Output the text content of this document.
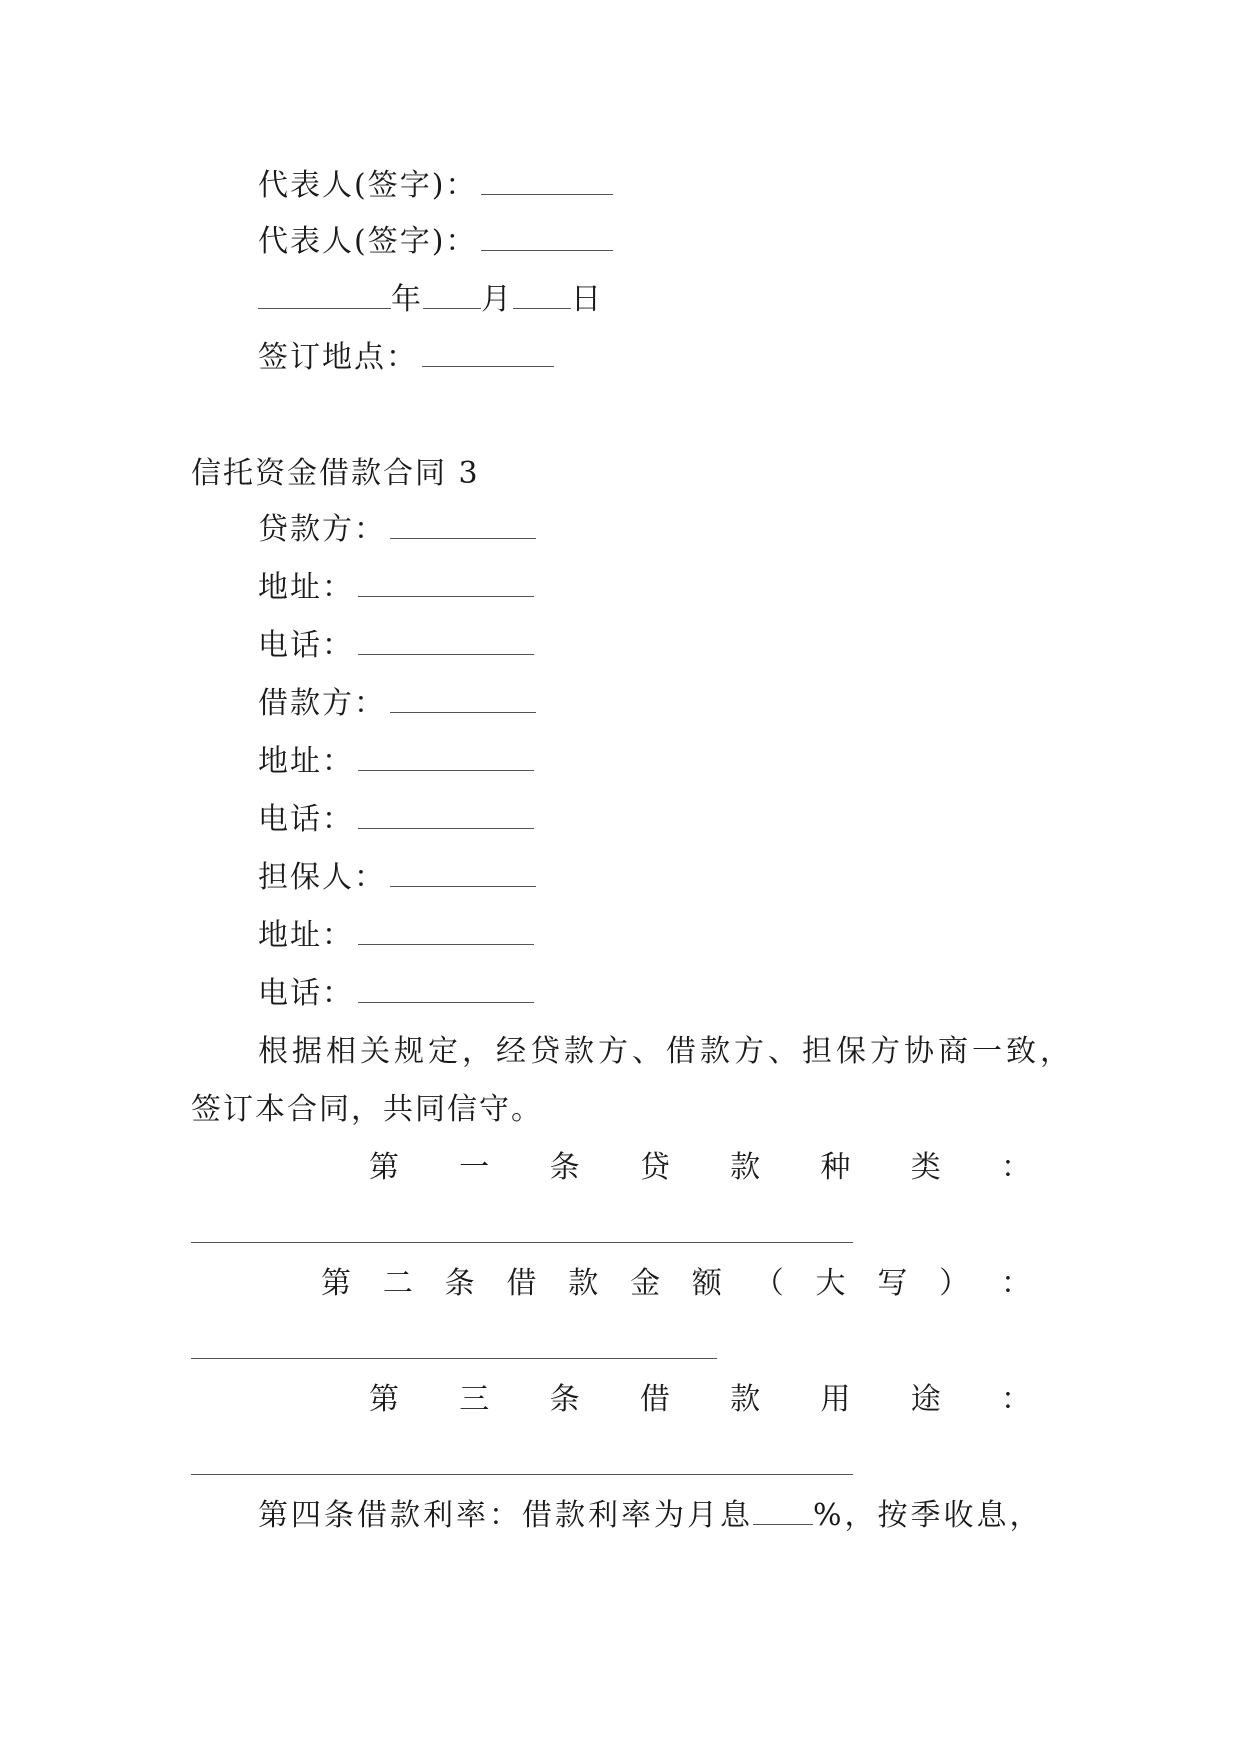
代表人(签字)：
代表人(签字)：
年 月 日
签订地点：
信托资金借款合同 3
贷款方：
地址：
电话：
借款方：
地址：
电话：
担保人：
地址：
电话：
根据相关规定，经贷款方、借款方、担保方协商一致，
签订本合同，共同信守。
第 一 条 贷 款 种 类 ：
第 二 条 借 款 金 额 （ 大 写 ） ：
第 三 条 借 款 用 途 ：
第四条借款利率：借款利率为月息 %，按季收息，
